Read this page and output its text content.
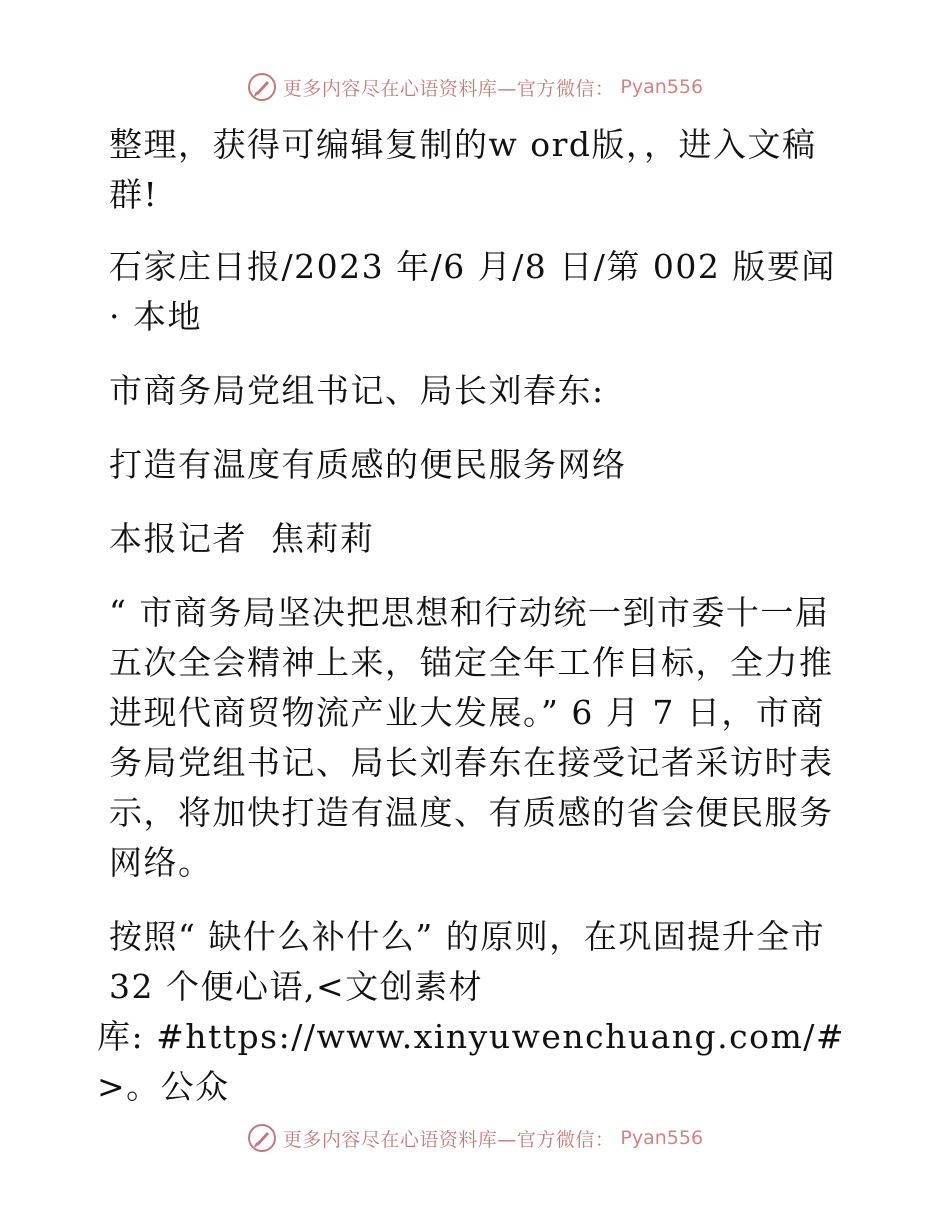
更多内容尽在心语资料库—官方微信： Pyan556

整理，获得可编辑复制的w ord版，，进入文稿群!

石家庄日报/2023 年/6 月/8 日/第 002 版要闻 · 本地

市商务局党组书记、局长刘春东:

打造有温度有质感的便民服务网络

本报记者  焦莉莉

“ 市商务局坚决把思想和行动统一到市委十一届五次全会精神上来，锚定全年工作目标，全力推进现代商贸物流产业大发展。” 6 月 7 日，市商务局党组书记、局长刘春东在接受记者采访时表示，将加快打造有温度、有质感的省会便民服务网络。

按照“ 缺什么补什么” 的原则，在巩固提升全市 32 个便心语,<文创素材

库: #https://www.xinyuwenchuang.com/#>。公众

更多内容尽在心语资料库—官方微信： Pyan556
